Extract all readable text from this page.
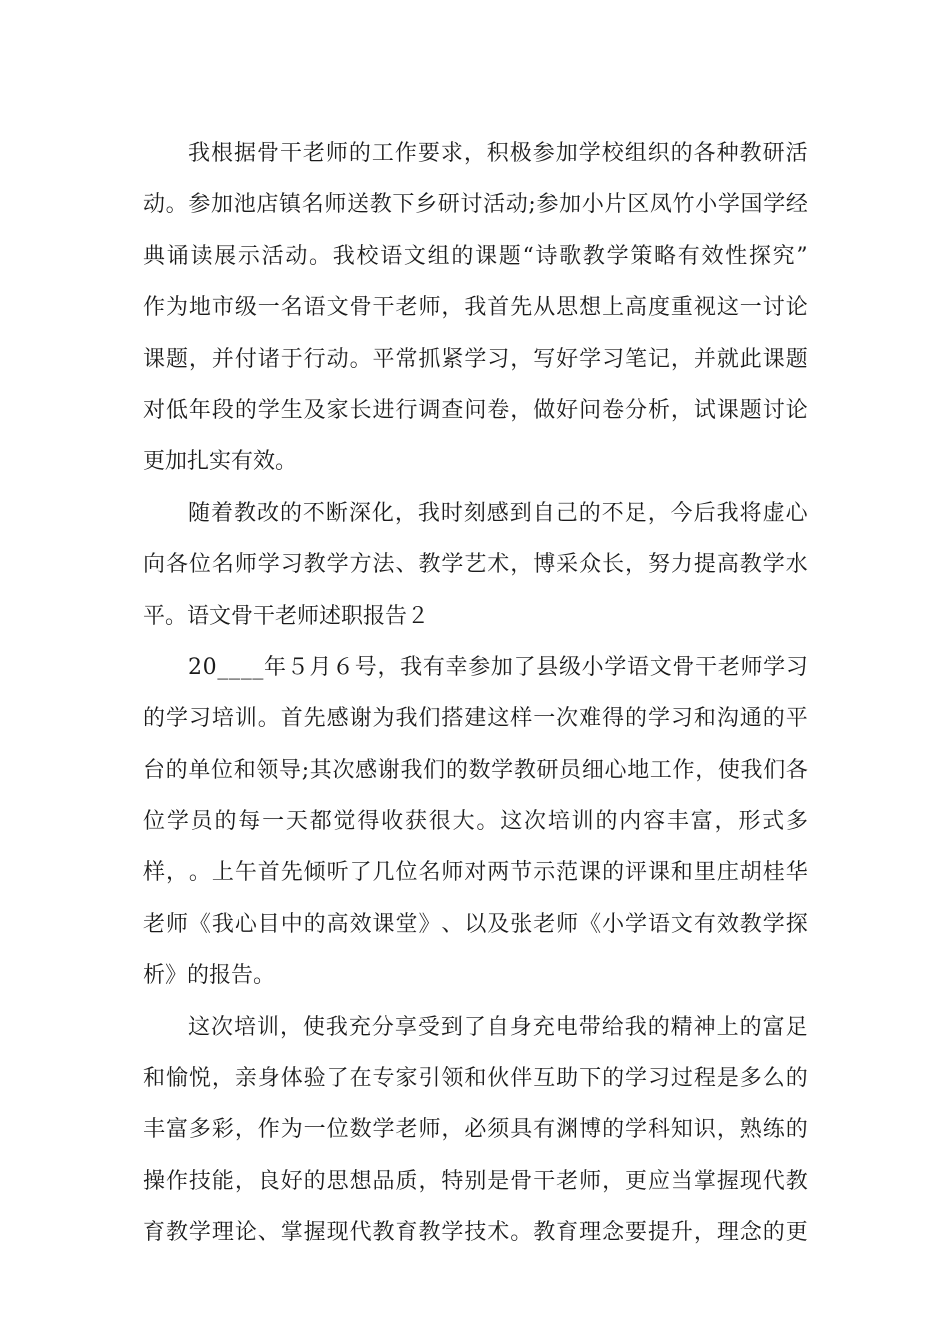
我 根 据 骨 干 老 师 的 工 作 要 求 ， 积 极 参 加 学 校 组 织 的 各 种 教 研 活
动 。 参 加 池 店 镇 名 师 送 教 下 乡 研 讨 活 动 ; 参 加 小 片 区 凤 竹 小 学 国 学 经
典 诵 读 展 示 活 动 。 我 校 语 文 组 的 课 题 “ 诗 歌 教 学 策 略 有 效 性 探 究 ”
作 为 地 市 级 一 名 语 文 骨 干 老 师 ， 我 首 先 从 思 想 上 高 度 重 视 这 一 讨 论
课 题 ， 并 付 诸 于 行 动 。 平 常 抓 紧 学 习 ， 写 好 学 习 笔 记 ， 并 就 此 课 题
对 低 年 段 的 学 生 及 家 长 进 行 调 查 问 卷 ， 做 好 问 卷 分 析 ， 试 课 题 讨 论
更加扎实有效。
随 着 教 改 的 不 断 深 化 ， 我 时 刻 感 到 自 己 的 不 足 ， 今 后 我 将 虚 心
向 各 位 名 师 学 习 教 学 方 法 、 教 学 艺 术 ， 博 采 众 长 ， 努 力 提 高 教 学 水
平。语文骨干老师述职报告２
2 0 _ _ _ _ 年 ５ 月 ６ 号 ， 我 有 幸 参 加 了 县 级 小 学 语 文 骨 干 老 师 学 习
的 学 习 培 训 。 首 先 感 谢 为 我 们 搭 建 这 样 一 次 难 得 的 学 习 和 沟 通 的 平
台 的 单 位 和 领 导 ; 其 次 感 谢 我 们 的 数 学 教 研 员 细 心 地 工 作 ， 使 我 们 各
位 学 员 的 每 一 天 都 觉 得 收 获 很 大 。 这 次 培 训 的 内 容 丰 富 ， 形 式 多
样 ， 。 上 午 首 先 倾 听 了 几 位 名 师 对 两 节 示 范 课 的 评 课 和 里 庄 胡 桂 华
老 师 《 我 心 目 中 的 高 效 课 堂 》 、 以 及 张 老 师 《 小 学 语 文 有 效 教 学 探
析》的报告。
这 次 培 训 ， 使 我 充 分 享 受 到 了 自 身 充 电 带 给 我 的 精 神 上 的 富 足
和 愉 悦 ， 亲 身 体 验 了 在 专 家 引 领 和 伙 伴 互 助 下 的 学 习 过 程 是 多 么 的
丰 富 多 彩 ， 作 为 一 位 数 学 老 师 ， 必 须 具 有 渊 博 的 学 科 知 识 ， 熟 练 的
操 作 技 能 ， 良 好 的 思 想 品 质 ， 特 别 是 骨 干 老 师 ， 更 应 当 掌 握 现 代 教
育 教 学 理 论 、 掌 握 现 代 教 育 教 学 技 术 。 教 育 理 念 要 提 升 ， 理 念 的 更
